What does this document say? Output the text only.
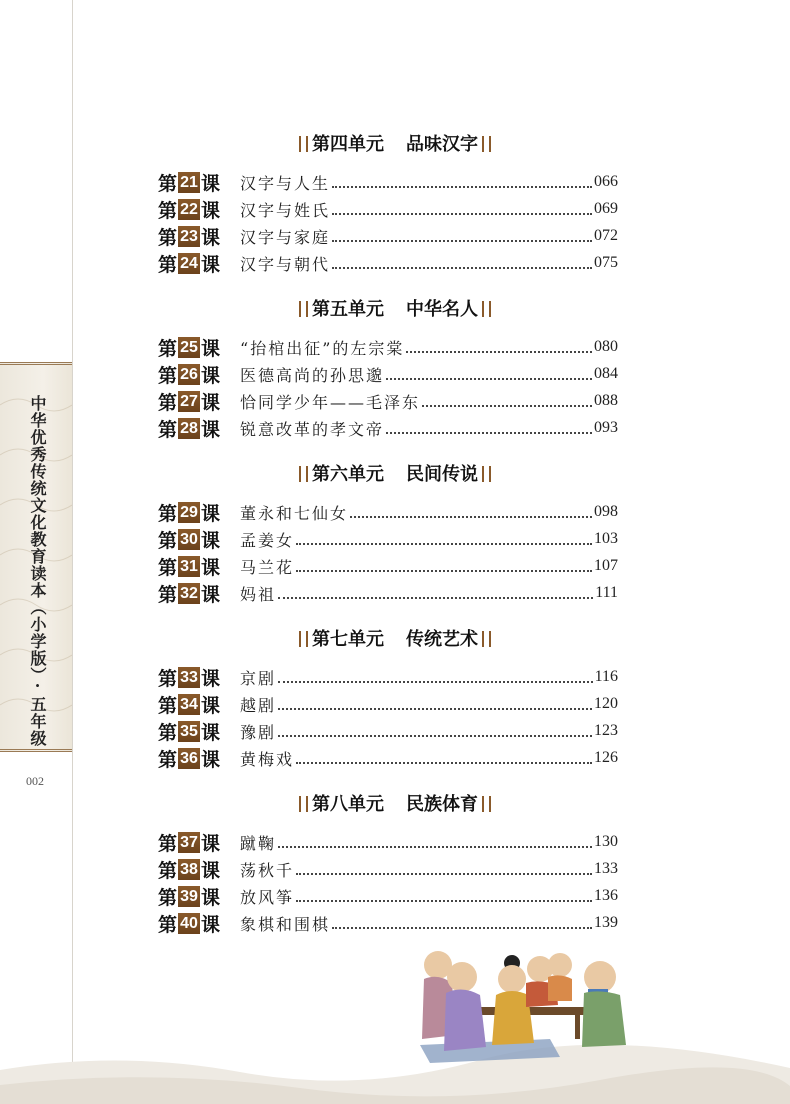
中华优秀传统文化教育读本（小学版）·五年级
002
第四单元 品味汉字
第 21 课 汉字与人生	066
第 22 课 汉字与姓氏	069
第 23 课 汉字与家庭	072
第 24 课 汉字与朝代	075
第五单元 中华名人
第 25 课 “抬棺出征”的左宗棠	080
第 26 课 医德高尚的孙思邈	084
第 27 课 恰同学少年——毛泽东	088
第 28 课 锐意改革的孝文帝	093
第六单元 民间传说
第 29 课 董永和七仙女	098
第 30 课 孟姜女	103
第 31 课 马兰花	107
第 32 课 妈祖	111
第七单元 传统艺术
第 33 课 京剧	116
第 34 课 越剧	120
第 35 课 豫剧	123
第 36 课 黄梅戏	126
第八单元 民族体育
第 37 课 蹴鞠	130
第 38 课 荡秋千	133
第 39 课 放风筝	136
第 40 课 象棋和围棋	139
